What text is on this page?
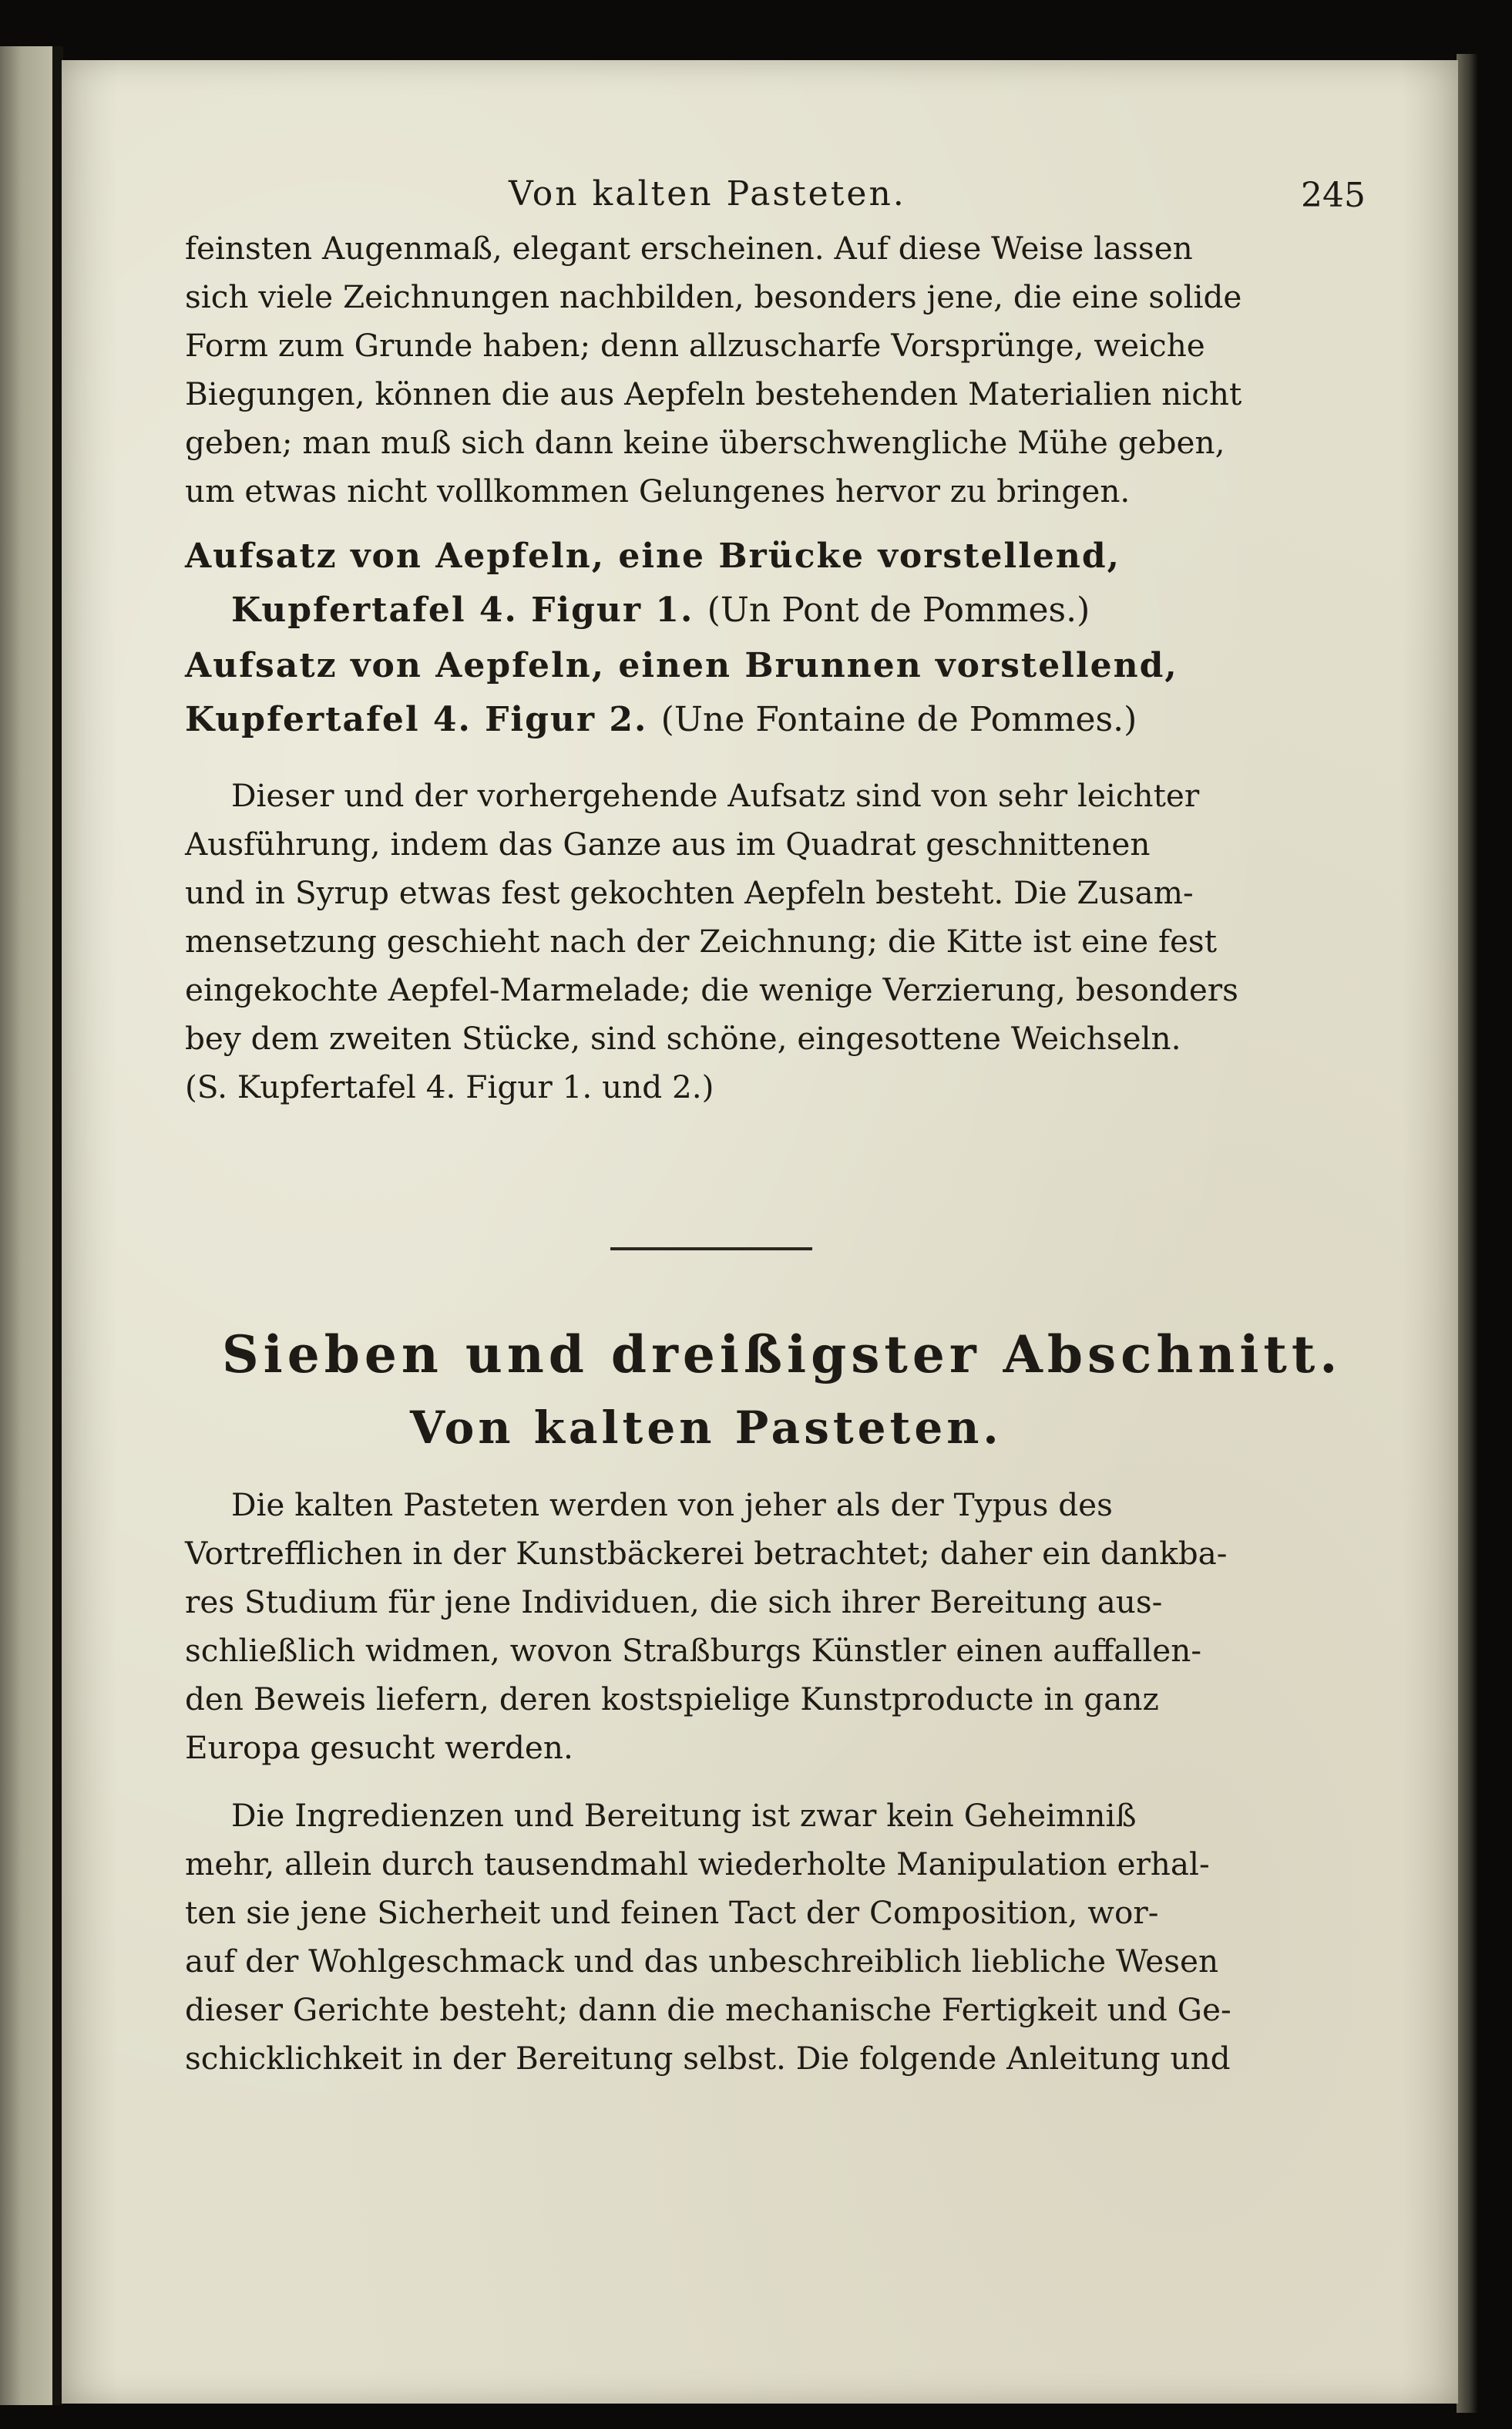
Von kalten Pasteten.	245
feinsten Augenmaß, elegant erscheinen. Auf diese Weise lassen
sich viele Zeichnungen nachbilden, besonders jene, die eine solide
Form zum Grunde haben; denn allzuscharfe Vorsprünge, weiche
Biegungen, können die aus Aepfeln bestehenden Materialien nicht
geben; man muß sich dann keine überschwengliche Mühe geben,
um etwas nicht vollkommen Gelungenes hervor zu bringen.
Aufsatz von Aepfeln, eine Brücke vorstellend,
Kupfertafel 4. Figur 1. (Un Pont de Pommes.)
Aufsatz von Aepfeln, einen Brunnen vorstellend,
Kupfertafel 4. Figur 2. (Une Fontaine de Pommes.)
Dieser und der vorhergehende Aufsatz sind von sehr leichter
Ausführung, indem das Ganze aus im Quadrat geschnittenen
und in Syrup etwas fest gekochten Aepfeln besteht. Die Zusam-
mensetzung geschieht nach der Zeichnung; die Kitte ist eine fest
eingekochte Aepfel-Marmelade; die wenige Verzierung, besonders
bey dem zweiten Stücke, sind schöne, eingesottene Weichseln.
(S. Kupfertafel 4. Figur 1. und 2.)
Sieben und dreißigster Abschnitt.
Von kalten Pasteten.
Die kalten Pasteten werden von jeher als der Typus des
Vortrefflichen in der Kunstbäckerei betrachtet; daher ein dankba-
res Studium für jene Individuen, die sich ihrer Bereitung aus-
schließlich widmen, wovon Straßburgs Künstler einen auffallen-
den Beweis liefern, deren kostspielige Kunstproducte in ganz
Europa gesucht werden.
Die Ingredienzen und Bereitung ist zwar kein Geheimniß
mehr, allein durch tausendmahl wiederholte Manipulation erhal-
ten sie jene Sicherheit und feinen Tact der Composition, wor-
auf der Wohlgeschmack und das unbeschreiblich liebliche Wesen
dieser Gerichte besteht; dann die mechanische Fertigkeit und Ge-
schicklichkeit in der Bereitung selbst. Die folgende Anleitung und
